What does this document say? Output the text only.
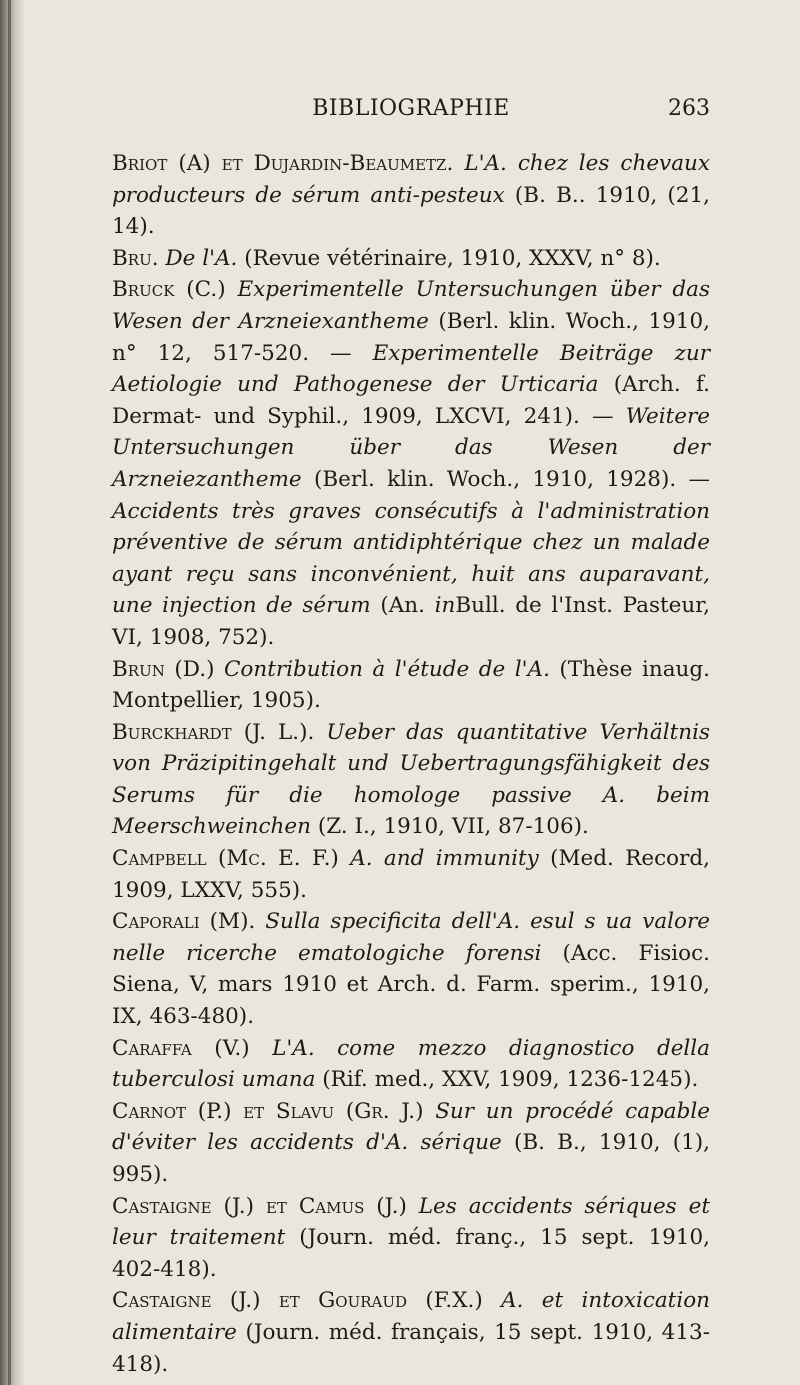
BIBLIOGRAPHIE	263

Briot (A) et Dujardin-Beaumetz. L'A. chez les chevaux producteurs de sérum anti-pesteux (B. B.. 1910, (21, 14).

Bru. De l'A. (Revue vétérinaire, 1910, XXXV, n° 8).

Bruck (C.) Experimentelle Untersuchungen über das Wesen der Arzneiexantheme (Berl. klin. Woch., 1910, n° 12, 517-520. — Experimentelle Beiträge zur Aetiologie und Pathogenese der Urticaria (Arch. f. Dermat- und Syphil., 1909, LXCVI, 241). — Weitere Untersuchungen über das Wesen der Arzneiezantheme (Berl. klin. Woch., 1910, 1928). — Accidents très graves consécutifs à l'administration préventive de sérum antidiphtérique chez un malade ayant reçu sans inconvénient, huit ans auparavant, une injection de sérum (An. inBull. de l'Inst. Pasteur, VI, 1908, 752).

Brun (D.) Contribution à l'étude de l'A. (Thèse inaug. Montpellier, 1905).

Burckhardt (J. L.). Ueber das quantitative Verhältnis von Präzipitingehalt und Uebertragungsfähigkeit des Serums für die homologe passive A. beim Meerschweinchen (Z. I., 1910, VII, 87-106).

Campbell (Mc. E. F.) A. and immunity (Med. Record, 1909, LXXV, 555).

Caporali (M). Sulla specificita dell'A. esul s ua valore nelle ricerche ematologiche forensi (Acc. Fisioc. Siena, V, mars 1910 et Arch. d. Farm. sperim., 1910, IX, 463-480).

Caraffa (V.) L'A. come mezzo diagnostico della tuberculosi umana (Rif. med., XXV, 1909, 1236-1245).

Carnot (P.) et Slavu (Gr. J.) Sur un procédé capable d'éviter les accidents d'A. sérique (B. B., 1910, (1), 995).

Castaigne (J.) et Camus (J.) Les accidents sériques et leur traitement (Journ. méd. franç., 15 sept. 1910, 402-418).

Castaigne (J.) et Gouraud (F.X.) A. et intoxication alimentaire (Journ. méd. français, 15 sept. 1910, 413-418).
